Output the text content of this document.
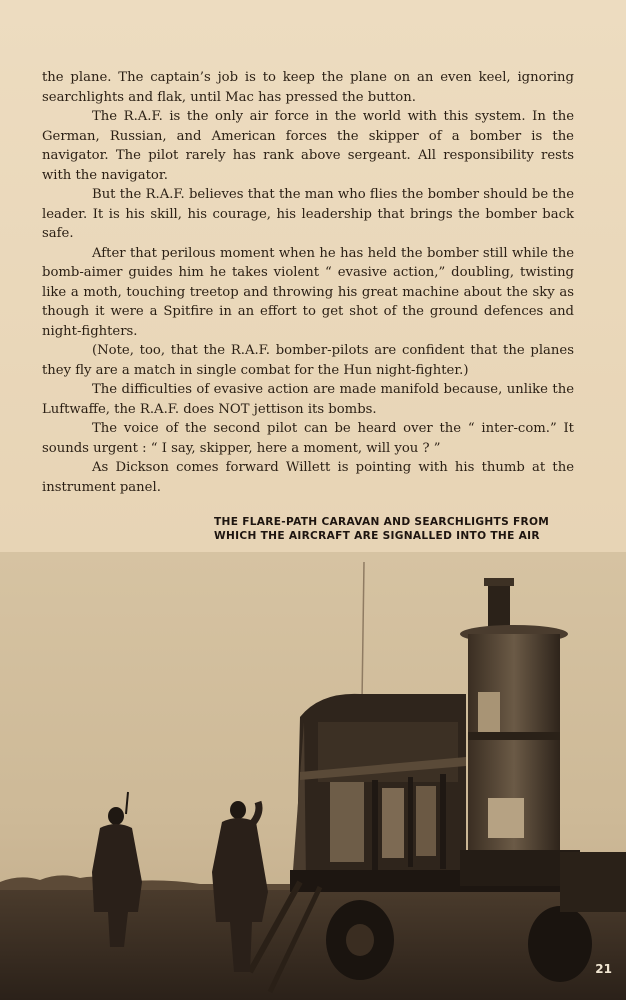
the plane. The captain’s job is to keep the plane on an even keel, ignoring searchlights and flak, until Mac has pressed the button.

The R.A.F. is the only air force in the world with this system. In the German, Russian, and American forces the skipper of a bomber is the navigator. The pilot rarely has rank above sergeant. All responsibility rests with the navigator.

But the R.A.F. believes that the man who flies the bomber should be the leader. It is his skill, his courage, his leadership that brings the bomber back safe.

After that perilous moment when he has held the bomber still while the bomb-aimer guides him he takes violent “ evasive action,” doubling, twisting like a moth, touching treetop and throwing his great machine about the sky as though it were a Spitfire in an effort to get shot of the ground defences and night-fighters.

(Note, too, that the R.A.F. bomber-pilots are confident that the planes they fly are a match in single combat for the Hun night-fighter.)

The difficulties of evasive action are made manifold because, unlike the Luftwaffe, the R.A.F. does NOT jettison its bombs.

The voice of the second pilot can be heard over the “ inter-com.” It sounds urgent : “ I say, skipper, here a moment, will you ? ”

As Dickson comes forward Willett is pointing with his thumb at the instrument panel.

THE FLARE-PATH CARAVAN AND SEARCHLIGHTS FROM
WHICH THE AIRCRAFT ARE SIGNALLED INTO THE AIR
21
